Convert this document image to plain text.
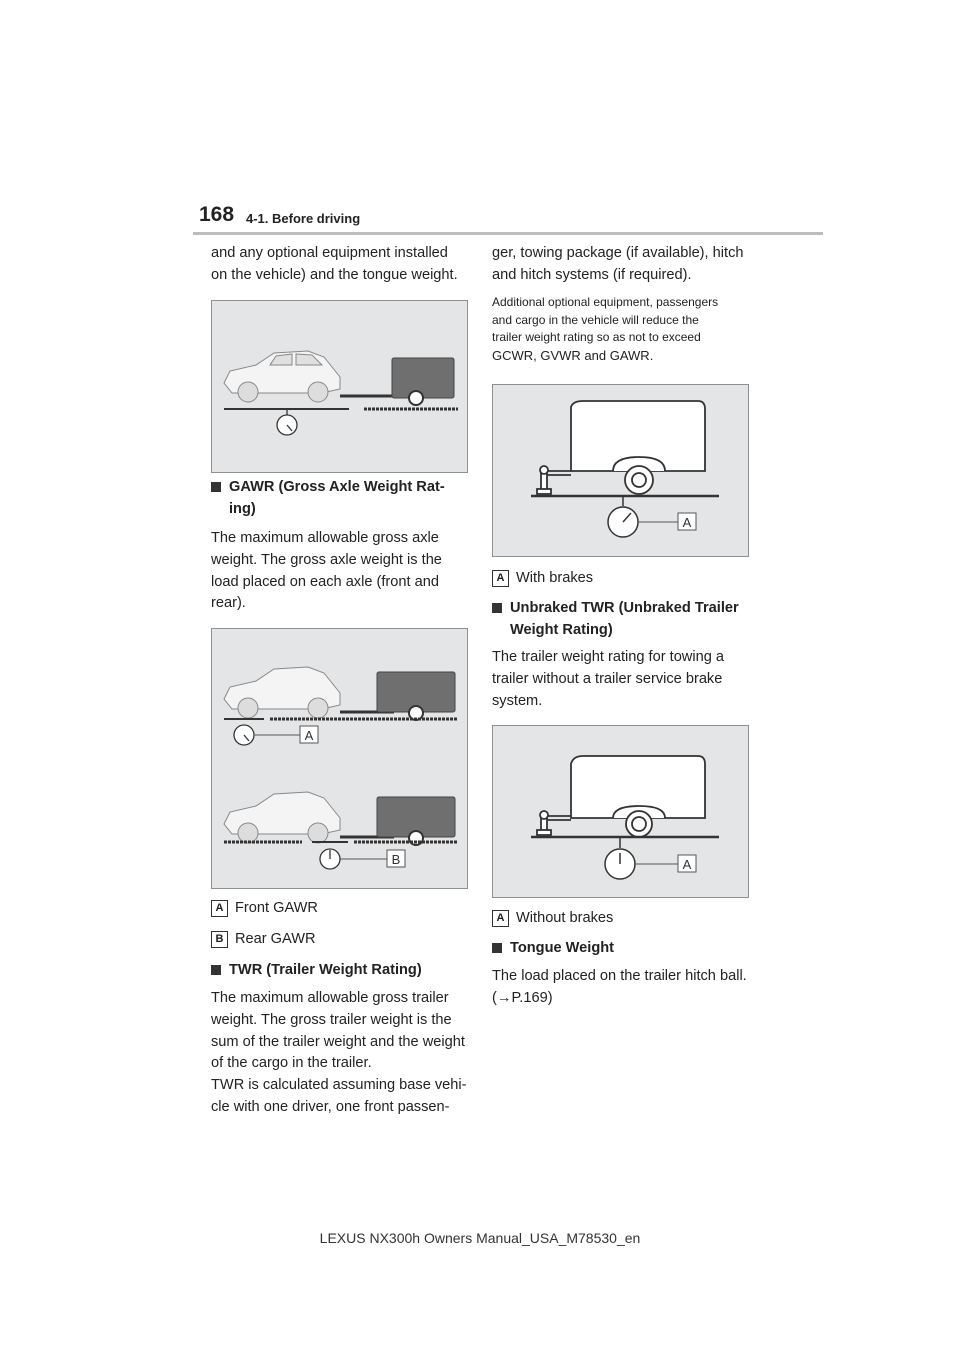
168 4-1. Before driving

and any optional equipment installed

on the vehicle) and the tongue weight.

GAWR (Gross Axle Weight Rat-

ing)

The maximum allowable gross axle

weight. The gross axle weight is the

load placed on each axle (front and

rear).

A
B

A Front GAWR

B Rear GAWR

TWR (Trailer Weight Rating)

The maximum allowable gross trailer

weight. The gross trailer weight is the

sum of the trailer weight and the weight

of the cargo in the trailer.

TWR is calculated assuming base vehi-

cle with one driver, one front passen-

ger, towing package (if available), hitch

and hitch systems (if required).

Additional optional equipment, passengers

and cargo in the vehicle will reduce the

trailer weight rating so as not to exceed

GCWR, GVWR and GAWR.

A

A With brakes

Unbraked TWR (Unbraked Trailer

Weight Rating)

The trailer weight rating for towing a

trailer without a trailer service brake

system.

A

A Without brakes

Tongue Weight

The load placed on the trailer hitch ball.

(→P.169)

LEXUS NX300h Owners Manual_USA_M78530_en
